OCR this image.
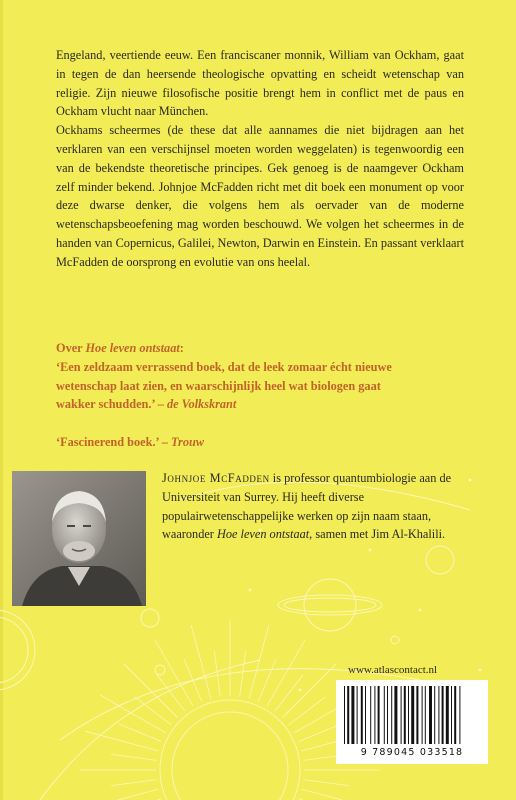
Engeland, veertiende eeuw. Een franciscaner monnik, William van Ockham, gaat in tegen de dan heersende theologische opvatting en scheidt wetenschap van religie. Zijn nieuwe filosofische positie brengt hem in conflict met de paus en Ockham vlucht naar München.

Ockhams scheermes (de these dat alle aannames die niet bijdragen aan het verklaren van een verschijnsel moeten worden weggelaten) is tegenwoordig een van de bekendste theoretische principes. Gek genoeg is de naamgever Ockham zelf minder bekend. Johnjoe McFadden richt met dit boek een monument op voor deze dwarse denker, die volgens hem als oervader van de moderne wetenschapsbeoefening mag worden beschouwd. We volgen het scheermes in de handen van Copernicus, Galilei, Newton, Darwin en Einstein. En passant verklaart McFadden de oorsprong en evolutie van ons heelal.

Over Hoe leven ontstaat:

‘Een zeldzaam verrassend boek, dat de leek zomaar écht nieuwe

wetenschap laat zien, en waarschijnlijk heel wat biologen gaat

wakker schudden.’ – de Volkskrant

‘Fascinerend boek.’ – Trouw

Johnjoe McFadden is professor quantumbiologie aan de Universiteit van Surrey. Hij heeft diverse populairwetenschappelijke werken op zijn naam staan, waaronder Hoe leven ontstaat, samen met Jim Al-Khalili.

www.atlascontact.nl
9 789045 033518
